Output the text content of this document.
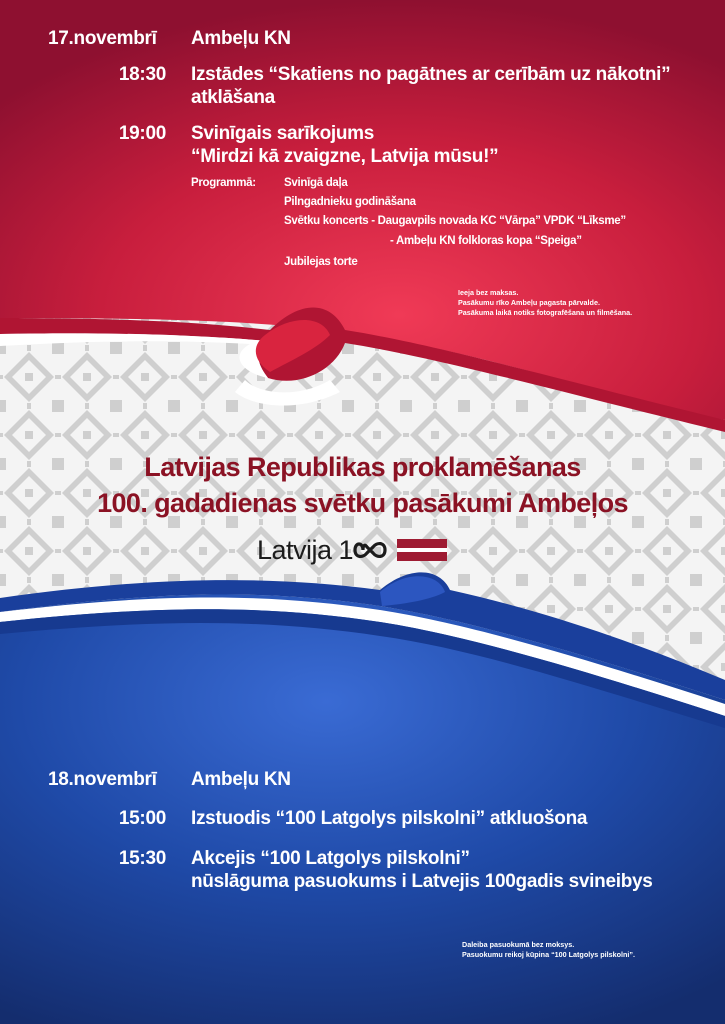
17.novembrī Ambeļu KN
18:30 Izstādes “Skatiens no pagātnes ar cerībām uz nākotni”
atklāšana
19:00 Svinīgais sarīkojums
“Mirdzi kā zvaigzne, Latvija mūsu!”
Programmā: Svinīgā daļa
Pilngadnieku godināšana
Svētku koncerts - Daugavpils novada KC “Vārpa” VPDK “Līksme”
- Ambeļu KN folkloras kopa “Speiga”
Jubilejas torte
Ieeja bez maksas.
Pasākumu rīko Ambeļu pagasta pārvalde.
Pasākuma laikā notiks fotografēšana un filmēšana.
Latvijas Republikas proklamēšanas
100. gadadienas svētku pasākumi Ambeļos
Latvija 1
18.novembrī Ambeļu KN
15:00 Izstuodis “100 Latgolys pilskolni” atkluošona
15:30 Akcejis “100 Latgolys pilskolni”
nūslāguma pasuokums i Latvejis 100gadis svineibys
Daleiba pasuokumā bez moksys.
Pasuokumu reikoj kūpina “100 Latgolys pilskolni”.
